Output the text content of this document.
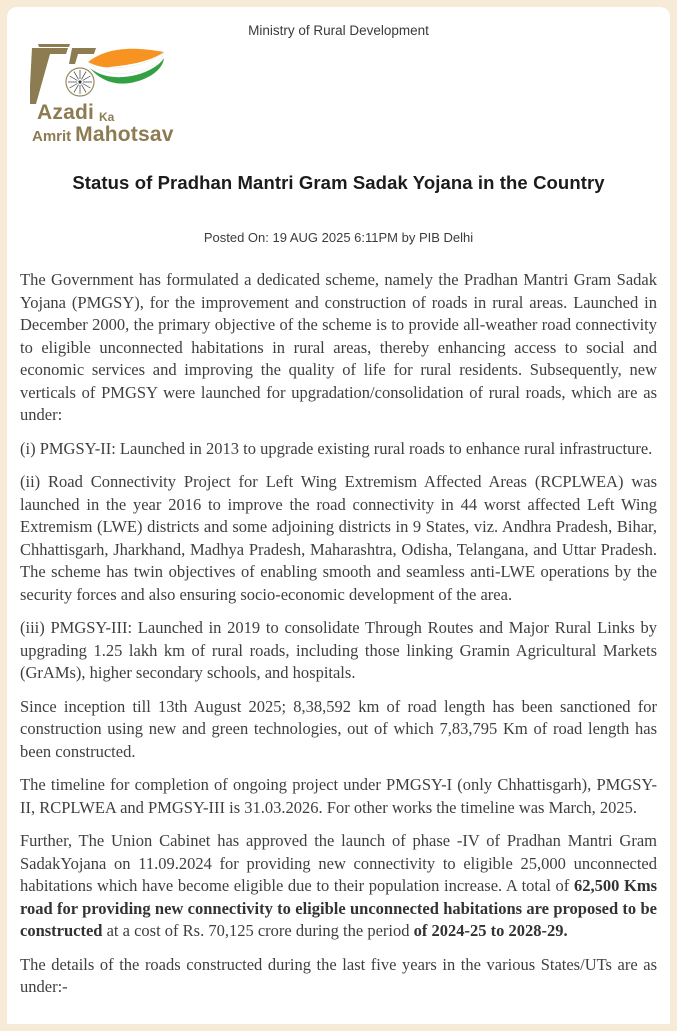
Ministry of Rural Development
Azadi Ka
Amrit Mahotsav
Status of Pradhan Mantri Gram Sadak Yojana in the Country
Posted On: 19 AUG 2025 6:11PM by PIB Delhi

The Government has formulated a dedicated scheme, namely the Pradhan Mantri Gram Sadak Yojana (PMGSY), for the improvement and construction of roads in rural areas. Launched in December 2000, the primary objective of the scheme is to provide all-weather road connectivity to eligible unconnected habitations in rural areas, thereby enhancing access to social and economic services and improving the quality of life for rural residents. Subsequently, new verticals of PMGSY were launched for upgradation/consolidation of rural roads, which are as under:

(i) PMGSY-II: Launched in 2013 to upgrade existing rural roads to enhance rural infrastructure.

(ii) Road Connectivity Project for Left Wing Extremism Affected Areas (RCPLWEA) was launched in the year 2016 to improve the road connectivity in 44 worst affected Left Wing Extremism (LWE) districts and some adjoining districts in 9 States, viz. Andhra Pradesh, Bihar, Chhattisgarh, Jharkhand, Madhya Pradesh, Maharashtra, Odisha, Telangana, and Uttar Pradesh. The scheme has twin objectives of enabling smooth and seamless anti-LWE operations by the security forces and also ensuring socio-economic development of the area.

(iii) PMGSY-III: Launched in 2019 to consolidate Through Routes and Major Rural Links by upgrading 1.25 lakh km of rural roads, including those linking Gramin Agricultural Markets (GrAMs), higher secondary schools, and hospitals.

Since inception till 13th August 2025; 8,38,592 km of road length has been sanctioned for construction using new and green technologies, out of which 7,83,795 Km of road length has been constructed.

The timeline for completion of ongoing project under PMGSY-I (only Chhattisgarh), PMGSY-II, RCPLWEA and PMGSY-III is 31.03.2026. For other works the timeline was March, 2025.

Further, The Union Cabinet has approved the launch of phase -IV of Pradhan Mantri Gram SadakYojana on 11.09.2024 for providing new connectivity to eligible 25,000 unconnected habitations which have become eligible due to their population increase. A total of 62,500 Kms road for providing new connectivity to eligible unconnected habitations are proposed to be constructed at a cost of Rs. 70,125 crore during the period of 2024-25 to 2028-29.

The details of the roads constructed during the last five years in the various States/UTs are as under:-
